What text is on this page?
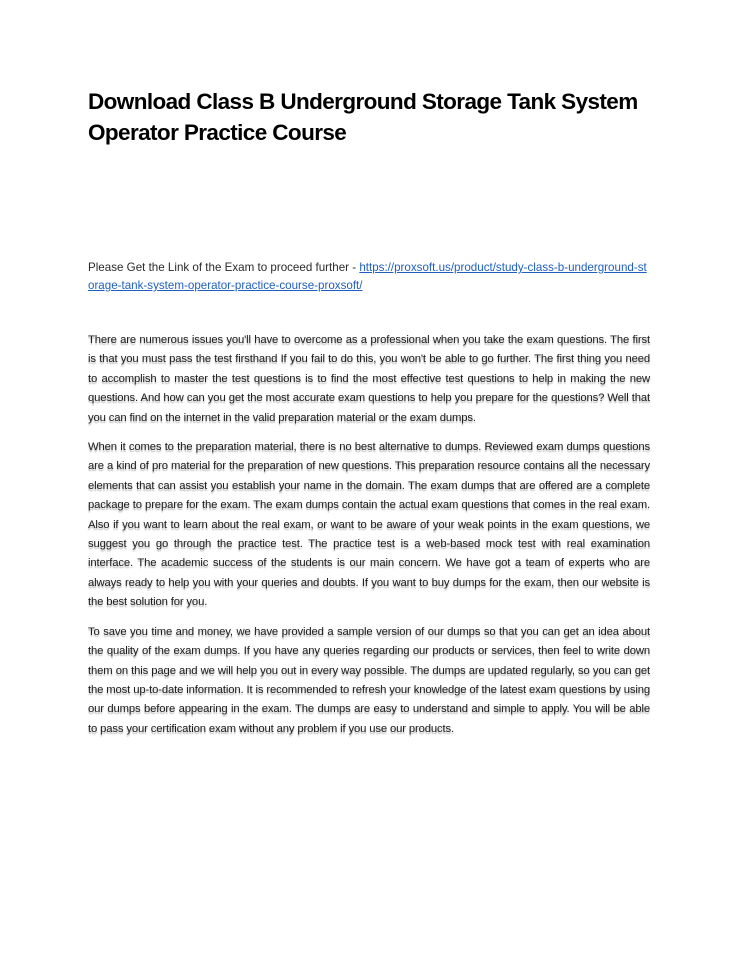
Download Class B Underground Storage Tank System Operator Practice Course
Please Get the Link of the Exam to proceed further - https://proxsoft.us/product/study-class-b-underground-storage-tank-system-operator-practice-course-proxsoft/

There are numerous issues you'll have to overcome as a professional when you take the exam questions. The first is that you must pass the test firsthand If you fail to do this, you won't be able to go further. The first thing you need to accomplish to master the test questions is to find the most effective test questions to help in making the new questions. And how can you get the most accurate exam questions to help you prepare for the questions? Well that you can find on the internet in the valid preparation material or the exam dumps.

When it comes to the preparation material, there is no best alternative to dumps. Reviewed exam dumps questions are a kind of pro material for the preparation of new questions. This preparation resource contains all the necessary elements that can assist you establish your name in the domain. The exam dumps that are offered are a complete package to prepare for the exam. The exam dumps contain the actual exam questions that comes in the real exam. Also if you want to learn about the real exam, or want to be aware of your weak points in the exam questions, we suggest you go through the practice test. The practice test is a web-based mock test with real examination interface. The academic success of the students is our main concern. We have got a team of experts who are always ready to help you with your queries and doubts. If you want to buy dumps for the exam, then our website is the best solution for you.

To save you time and money, we have provided a sample version of our dumps so that you can get an idea about the quality of the exam dumps. If you have any queries regarding our products or services, then feel to write down them on this page and we will help you out in every way possible. The dumps are updated regularly, so you can get the most up-to-date information. It is recommended to refresh your knowledge of the latest exam questions by using our dumps before appearing in the exam. The dumps are easy to understand and simple to apply. You will be able to pass your certification exam without any problem if you use our products.
